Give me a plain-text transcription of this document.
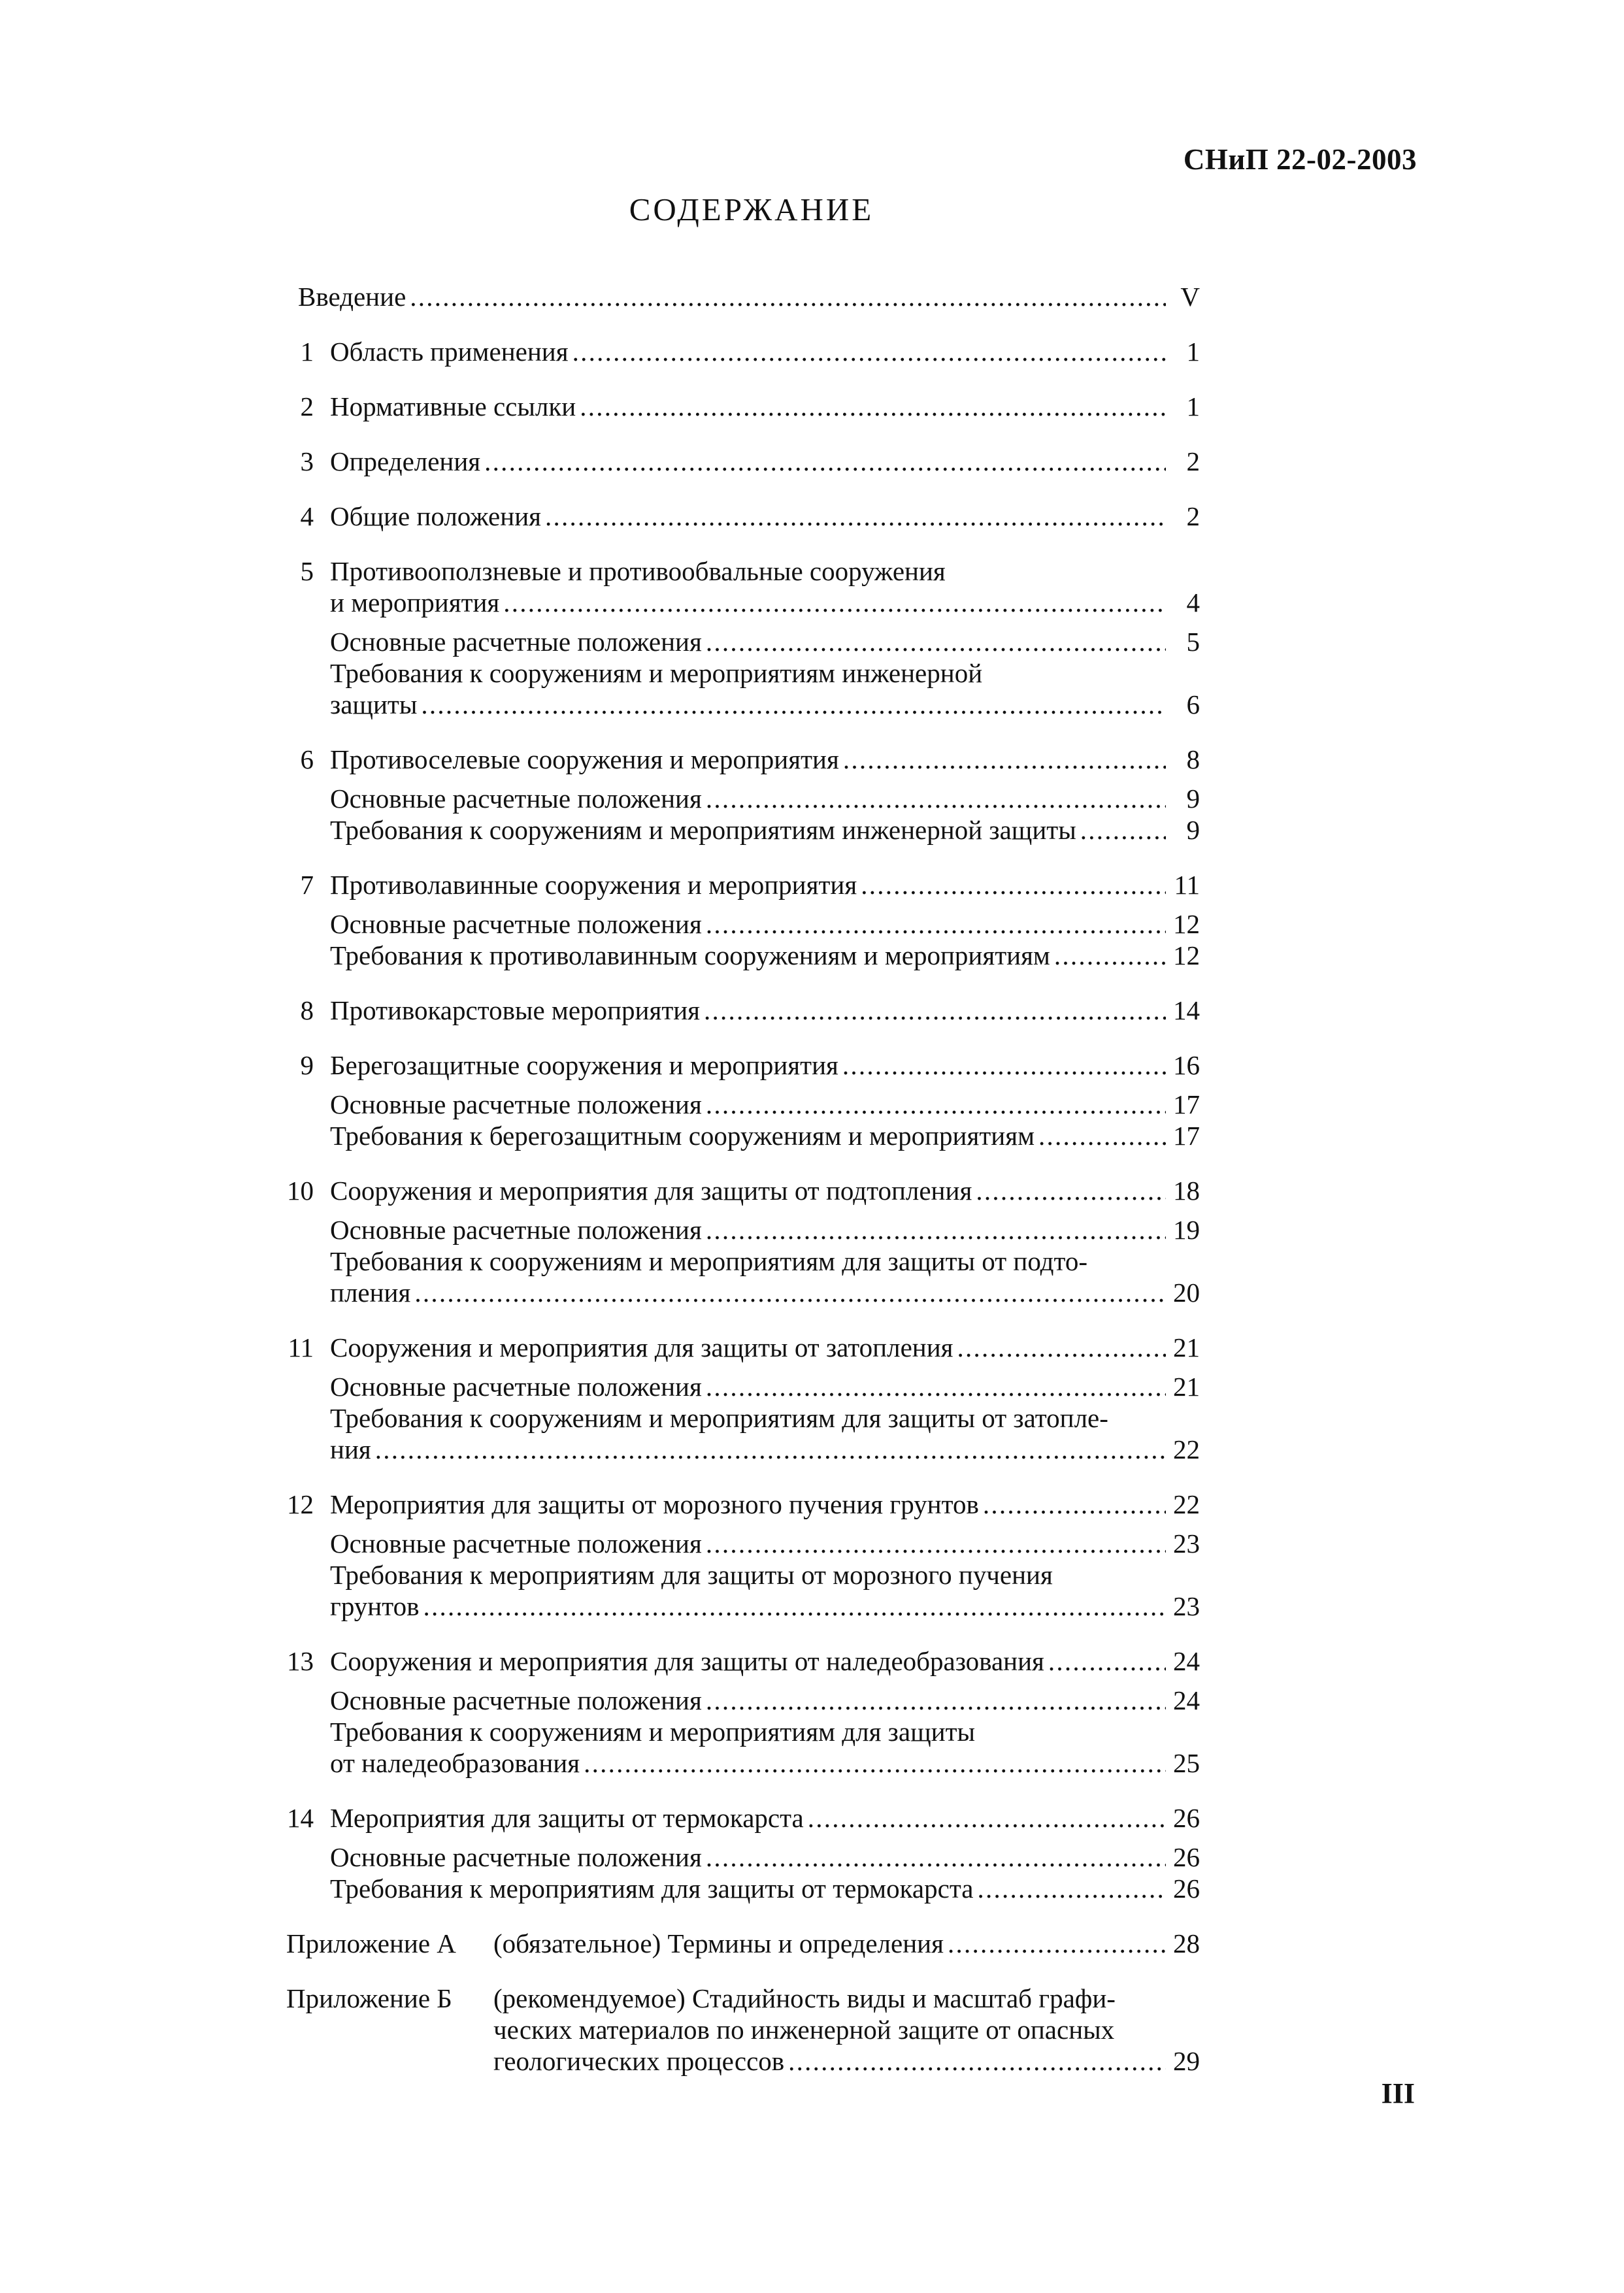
СНиП 22-02-2003
СОДЕРЖАНИЕ
Введение . . .	V
1 Область применения . . .	1
2 Нормативные ссылки . . .	1
3 Определения . . .	2
4 Общие положения . . .	2
5 Противооползневые и противообвальные сооружения
и мероприятия . . .	4
Основные расчетные положения . . .	5
Требования к сооружениям и мероприятиям инженерной
защиты . . .	6
6 Противоселевые сооружения и мероприятия . . .	8
Основные расчетные положения . . .	9
Требования к сооружениям и мероприятиям инженерной защиты . . .	9
7 Противолавинные сооружения и мероприятия . . .	11
Основные расчетные положения . . .	12
Требования к противолавинным сооружениям и мероприятиям . . .	12
8 Противокарстовые мероприятия . . .	14
9 Берегозащитные сооружения и мероприятия . . .	16
Основные расчетные положения . . .	17
Требования к берегозащитным сооружениям и мероприятиям . . .	17
10 Сооружения и мероприятия для защиты от подтопления . . .	18
Основные расчетные положения . . .	19
Требования к сооружениям и мероприятиям для защиты от подто-
пления . . .	20
11 Сооружения и мероприятия для защиты от затопления . . .	21
Основные расчетные положения . . .	21
Требования к сооружениям и мероприятиям для защиты от затопле-
ния . . .	22
12 Мероприятия для защиты от морозного пучения грунтов . . .	22
Основные расчетные положения . . .	23
Требования к мероприятиям для защиты от морозного пучения
грунтов . . .	23
13 Сооружения и мероприятия для защиты от наледеобразования . . .	24
Основные расчетные положения . . .	24
Требования к сооружениям и мероприятиям для защиты
от наледеобразования . . .	25
14 Мероприятия для защиты от термокарста . . .	26
Основные расчетные положения . . .	26
Требования к мероприятиям для защиты от термокарста . . .	26
Приложение А (обязательное) Термины и определения . . .	28
Приложение Б (рекомендуемое) Стадийность виды и масштаб графи-
ческих материалов по инженерной защите от опасных
геологических процессов . . .	29
III
